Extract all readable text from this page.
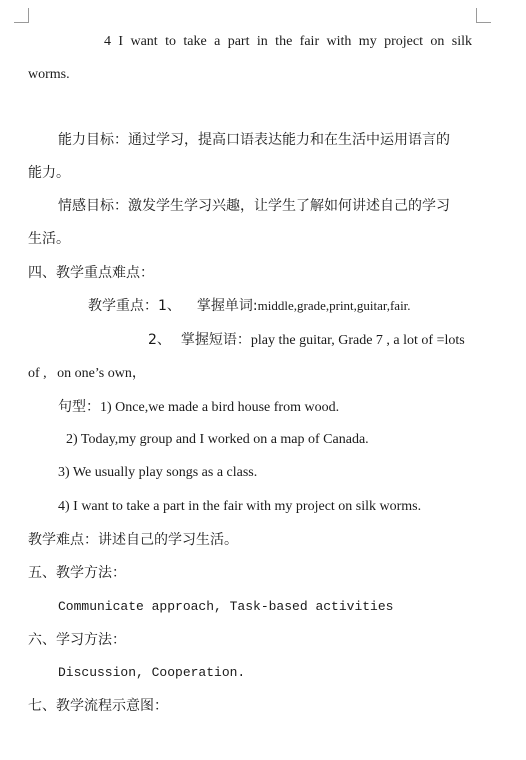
4 I want to take a part in the fair with my project on silk
worms.
能力目标：通过学习，提高口语表达能力和在生活中运用语言的
能力。
情感目标：激发学生学习兴趣，让学生了解如何讲述自己的学习
生活。
四、教学重点难点：
教学重点：1、 掌握单词:middle,grade,print,guitar,fair.
2、 掌握短语：play the guitar, Grade 7 , a lot of =lots
of ,   on one’s own，
句型：1) Once,we made a bird house from wood.
2) Today,my group and I worked on a map of Canada.
3) We usually play songs as a class.
4) I want to take a part in the fair with my project on silk worms.
教学难点：讲述自己的学习生活。
五、教学方法：
Communicate approach, Task-based activities
六、学习方法：
Discussion, Cooperation.
七、教学流程示意图：
